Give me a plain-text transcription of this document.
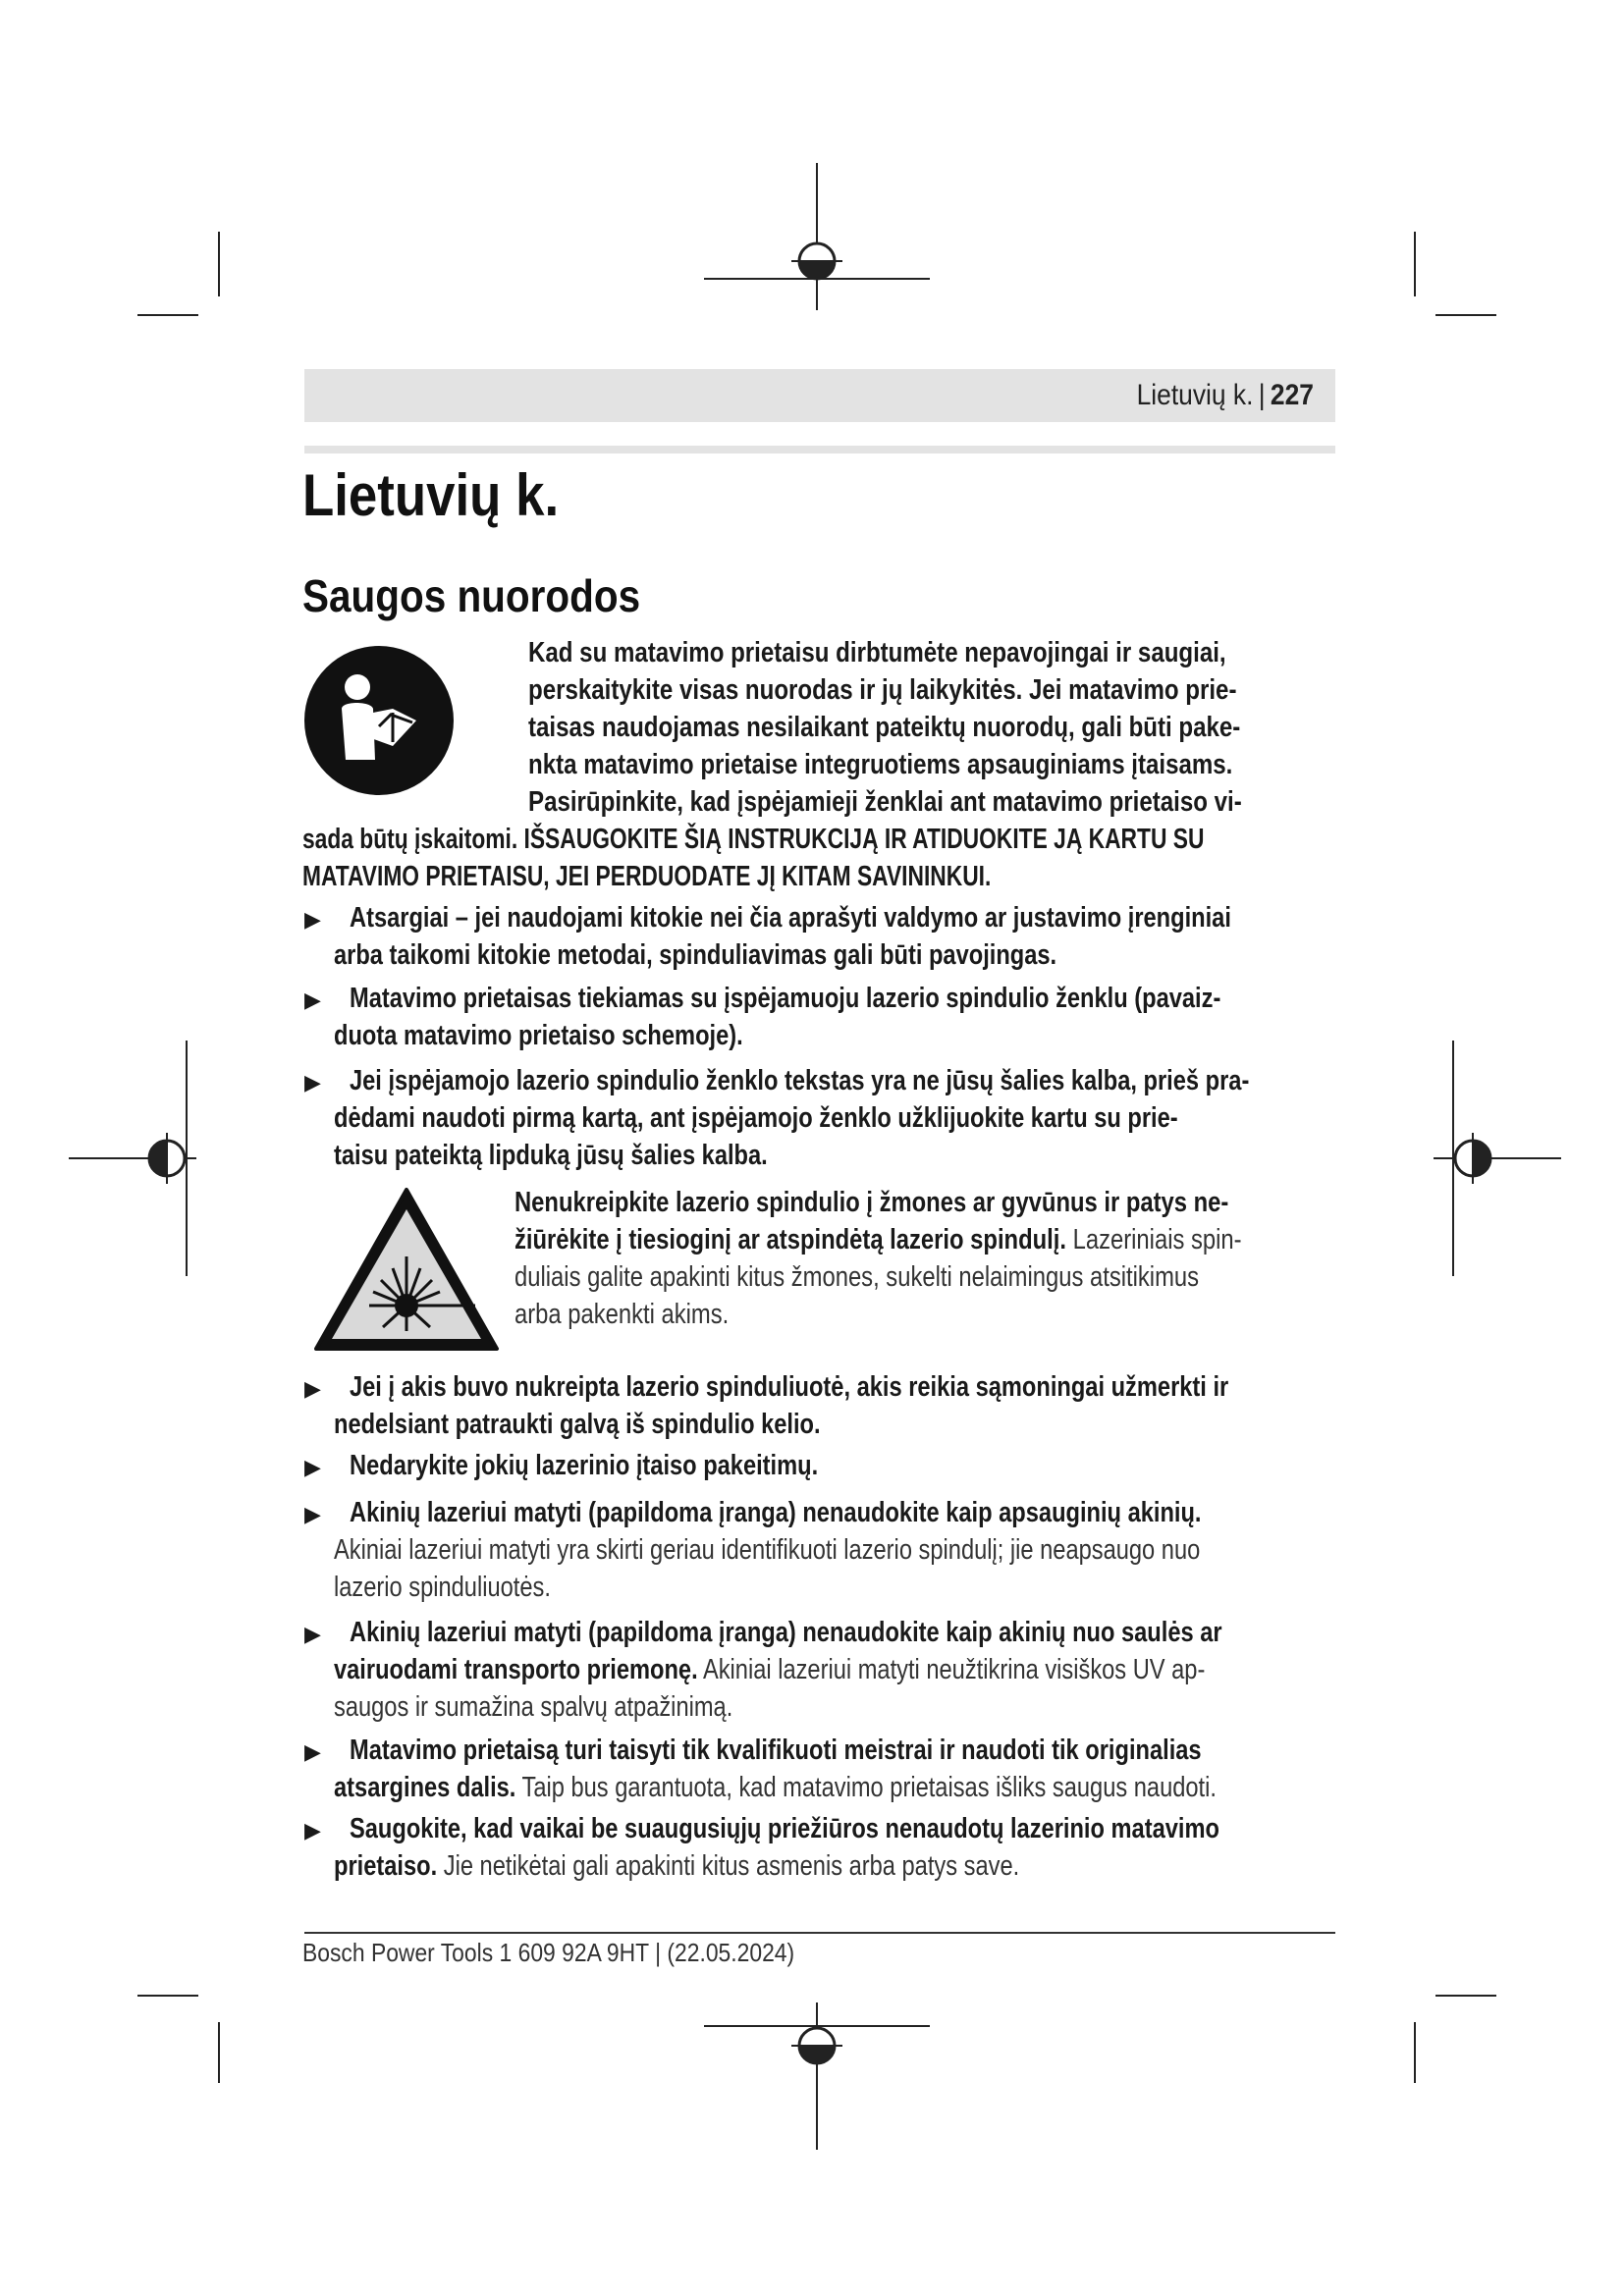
Lietuvių k. | 227
Lietuvių k.
Saugos nuorodos
Kad su matavimo prietaisu dirbtumėte nepavojingai ir saugiai,
perskaitykite visas nuorodas ir jų laikykitės. Jei matavimo prie-
taisas naudojamas nesilaikant pateiktų nuorodų, gali būti pake-
nkta matavimo prietaise integruotiems apsauginiams įtaisams.
Pasirūpinkite, kad įspėjamieji ženklai ant matavimo prietaiso vi-
sada būtų įskaitomi. IŠSAUGOKITE ŠIĄ INSTRUKCIJĄ IR ATIDUOKITE JĄ KARTU SU
MATAVIMO PRIETAISU, JEI PERDUODATE JĮ KITAM SAVININKUI.
▶ Atsargiai – jei naudojami kitokie nei čia aprašyti valdymo ar justavimo įrenginiai
arba taikomi kitokie metodai, spinduliavimas gali būti pavojingas.
▶ Matavimo prietaisas tiekiamas su įspėjamuoju lazerio spindulio ženklu (pavaiz-
duota matavimo prietaiso schemoje).
▶ Jei įspėjamojo lazerio spindulio ženklo tekstas yra ne jūsų šalies kalba, prieš pra-
dėdami naudoti pirmą kartą, ant įspėjamojo ženklo užklijuokite kartu su prie-
taisu pateiktą lipduką jūsų šalies kalba.
Nenukreipkite lazerio spindulio į žmones ar gyvūnus ir patys ne-
žiūrėkite į tiesioginį ar atspindėtą lazerio spindulį. Lazeriniais spin-
duliais galite apakinti kitus žmones, sukelti nelaimingus atsitikimus
arba pakenkti akims.
▶ Jei į akis buvo nukreipta lazerio spinduliuotė, akis reikia sąmoningai užmerkti ir
nedelsiant patraukti galvą iš spindulio kelio.
▶ Nedarykite jokių lazerinio įtaiso pakeitimų.
▶ Akinių lazeriui matyti (papildoma įranga) nenaudokite kaip apsauginių akinių.
Akiniai lazeriui matyti yra skirti geriau identifikuoti lazerio spindulį; jie neapsaugo nuo
lazerio spinduliuotės.
▶ Akinių lazeriui matyti (papildoma įranga) nenaudokite kaip akinių nuo saulės ar
vairuodami transporto priemonę. Akiniai lazeriui matyti neužtikrina visiškos UV ap-
saugos ir sumažina spalvų atpažinimą.
▶ Matavimo prietaisą turi taisyti tik kvalifikuoti meistrai ir naudoti tik originalias
atsargines dalis. Taip bus garantuota, kad matavimo prietaisas išliks saugus naudoti.
▶ Saugokite, kad vaikai be suaugusiųjų priežiūros nenaudotų lazerinio matavimo
prietaiso. Jie netikėtai gali apakinti kitus asmenis arba patys save.
Bosch Power Tools 1 609 92A 9HT | (22.05.2024)
